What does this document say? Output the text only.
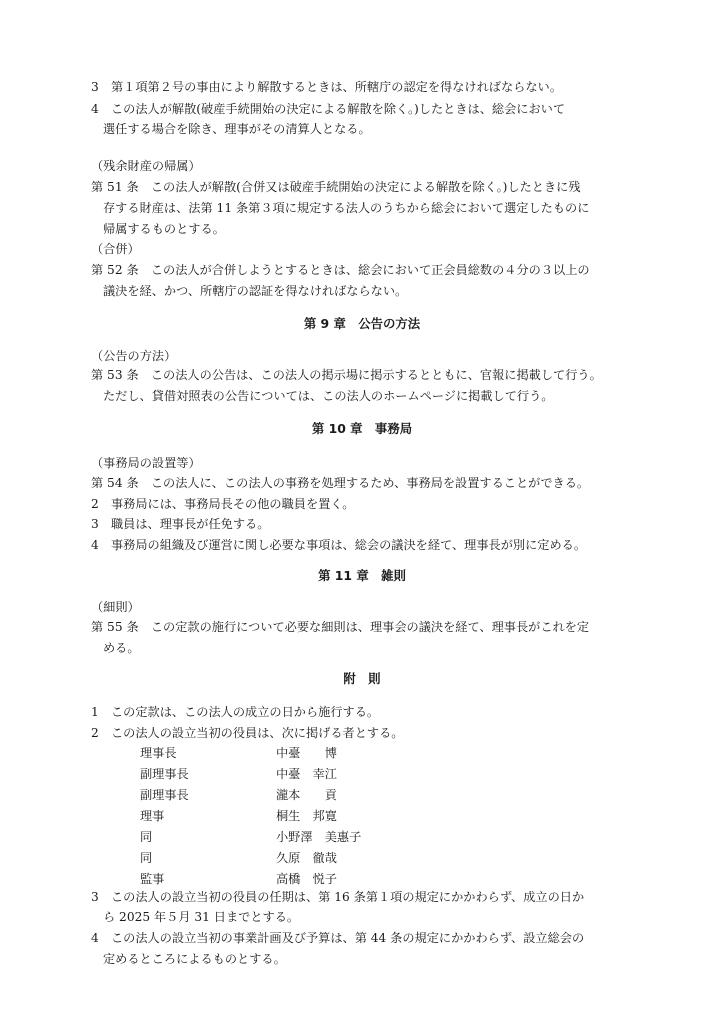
3　第１項第２号の事由により解散するときは、所轄庁の認定を得なければならない。
4　この法人が解散(破産手続開始の決定による解散を除く。)したときは、総会において
選任する場合を除き、理事がその清算人となる。
（残余財産の帰属）
第 51 条　この法人が解散(合併又は破産手続開始の決定による解散を除く。)したときに残
存する財産は、法第 11 条第３項に規定する法人のうちから総会において選定したものに
帰属するものとする。
（合併）
第 52 条　この法人が合併しようとするときは、総会において正会員総数の４分の３以上の
議決を経、かつ、所轄庁の認証を得なければならない。
第 9 章　公告の方法
（公告の方法）
第 53 条　この法人の公告は、この法人の掲示場に掲示するとともに、官報に掲載して行う。
ただし、貸借対照表の公告については、この法人のホームページに掲載して行う。
第 10 章　事務局
（事務局の設置等）
第 54 条　この法人に、この法人の事務を処理するため、事務局を設置することができる。
2　事務局には、事務局長その他の職員を置く。
3　職員は、理事長が任免する。
4　事務局の組織及び運営に関し必要な事項は、総会の議決を経て、理事長が別に定める。
第 11 章　雑則
（細則）
第 55 条　この定款の施行について必要な細則は、理事会の議決を経て、理事長がこれを定
める。
附　則
1　この定款は、この法人の成立の日から施行する。
2　この法人の設立当初の役員は、次に掲げる者とする。
理事長	中臺　　博
副理事長	中臺　幸江
副理事長	瀧本　　貢
理事	桐生　邦寛
同	小野澤　美惠子
同	久原　徹哉
監事	高橋　悦子
3　この法人の設立当初の役員の任期は、第 16 条第１項の規定にかかわらず、成立の日か
ら 2025 年５月 31 日までとする。
4　この法人の設立当初の事業計画及び予算は、第 44 条の規定にかかわらず、設立総会の
定めるところによるものとする。
